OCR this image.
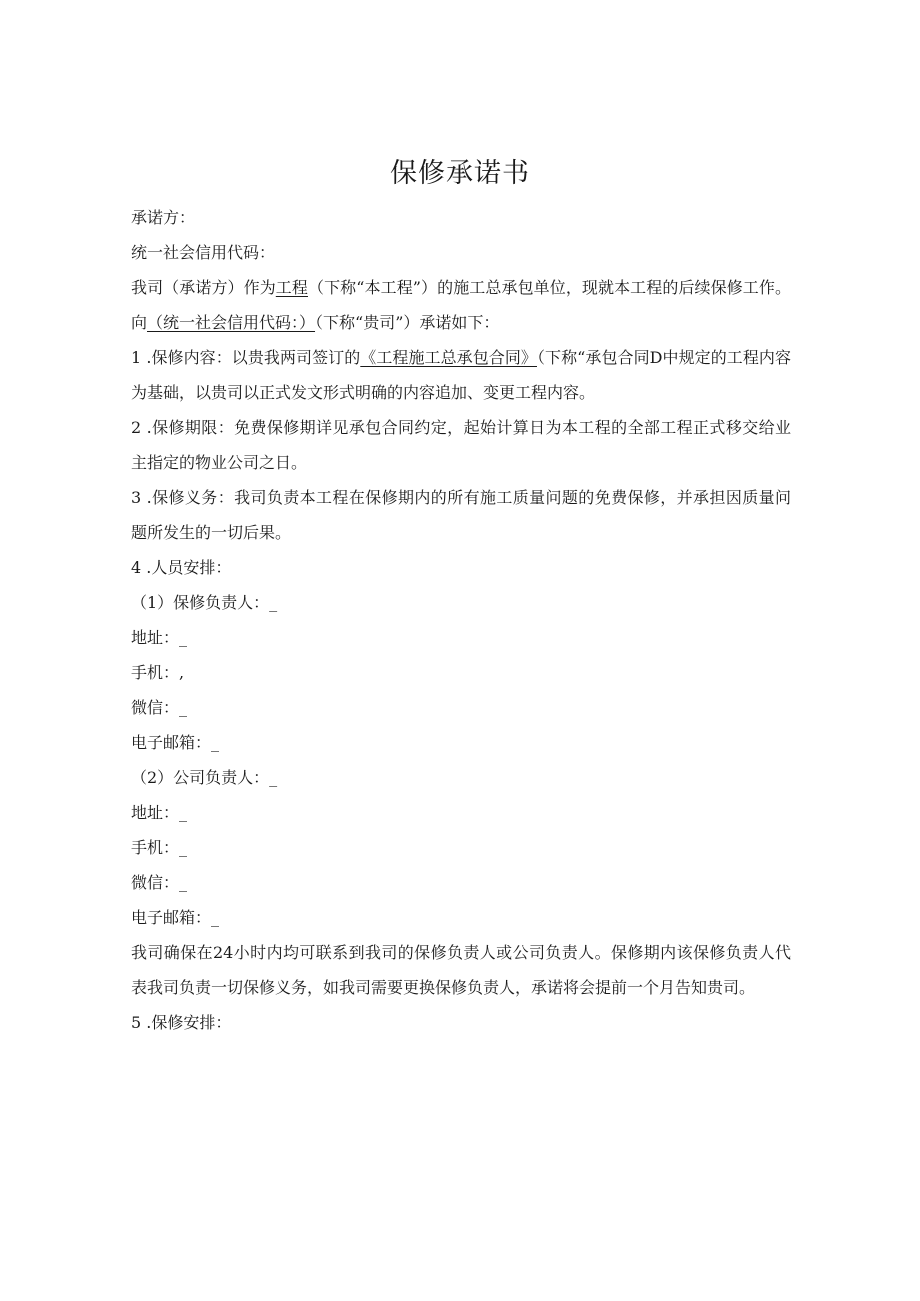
保修承诺书

承诺方：

统一社会信用代码：

我司（承诺方）作为工程（下称“本工程”）的施工总承包单位，现就本工程的后续保修工作。向（统一社会信用代码：）（下称“贵司”）承诺如下：

1 .保修内容：以贵我两司签订的《工程施工总承包合同》（下称“承包合同D中规定的工程内容为基础，以贵司以正式发文形式明确的内容追加、变更工程内容。

2 .保修期限：免费保修期详见承包合同约定，起始计算日为本工程的全部工程正式移交给业主指定的物业公司之日。

3 .保修义务：我司负责本工程在保修期内的所有施工质量问题的免费保修，并承担因质量问题所发生的一切后果。

4 .人员安排：

（1）保修负责人：_

地址：_

手机：,

微信：_

电子邮箱：_

（2）公司负责人：_

地址：_

手机：_

微信：_

电子邮箱：_

我司确保在24小时内均可联系到我司的保修负责人或公司负责人。保修期内该保修负责人代表我司负责一切保修义务，如我司需要更换保修负责人，承诺将会提前一个月告知贵司。

5 .保修安排：
